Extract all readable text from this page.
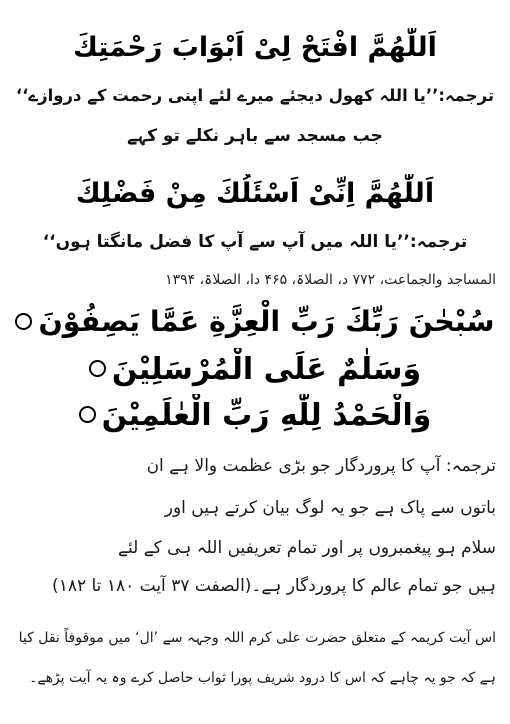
اَللّٰھُمَّ افْتَحْ لِیْ اَبْوَابَ رَحْمَتِكَ
ترجمہ:’’یا اللہ کھول دیجئے میرے لئے اپنی رحمت کے دروازے‘‘
جب مسجد سے باہر نکلے تو کہے
اَللّٰھُمَّ اِنِّیْ اَسْئَلُكَ مِنْ فَضْلِكَ
ترجمہ:’’یا اللہ میں آپ سے آپ کا فضل مانگتا ہوں‘‘
المساجد والجماعت، ۷۷۲ د، الصلاۃ، ۴۶۵ دا، الصلاۃ، ۱۳۹۴
سُبْحٰنَ رَبِّكَ رَبِّ الْعِزَّةِ عَمَّا يَصِفُوْنَ
وَسَلٰمٌ عَلَى الْمُرْسَلِيْنَ
وَالْحَمْدُ لِلّٰهِ رَبِّ الْعٰلَمِيْنَ
ترجمہ: آپ کا پروردگار جو بڑی عظمت والا ہے ان
باتوں سے پاک ہے جو یہ لوگ بیان کرتے ہیں اور
سلام ہو پیغمبروں پر اور تمام تعریفیں اللہ ہی کے لئے
ہیں جو تمام عالم کا پروردگار ہے۔(الصفت ۳۷ آیت ۱۸۰ تا ۱۸۲)
اس آیت کریمہ کے متعلق حضرت علی کرم اللہ وجہہ سے ’ال‘ میں موقوفاً نقل کیا
ہے کہ جو یہ چاہے کہ اس کا درود شریف پورا ثواب حاصل کرے وہ یہ آیت پڑھے۔
